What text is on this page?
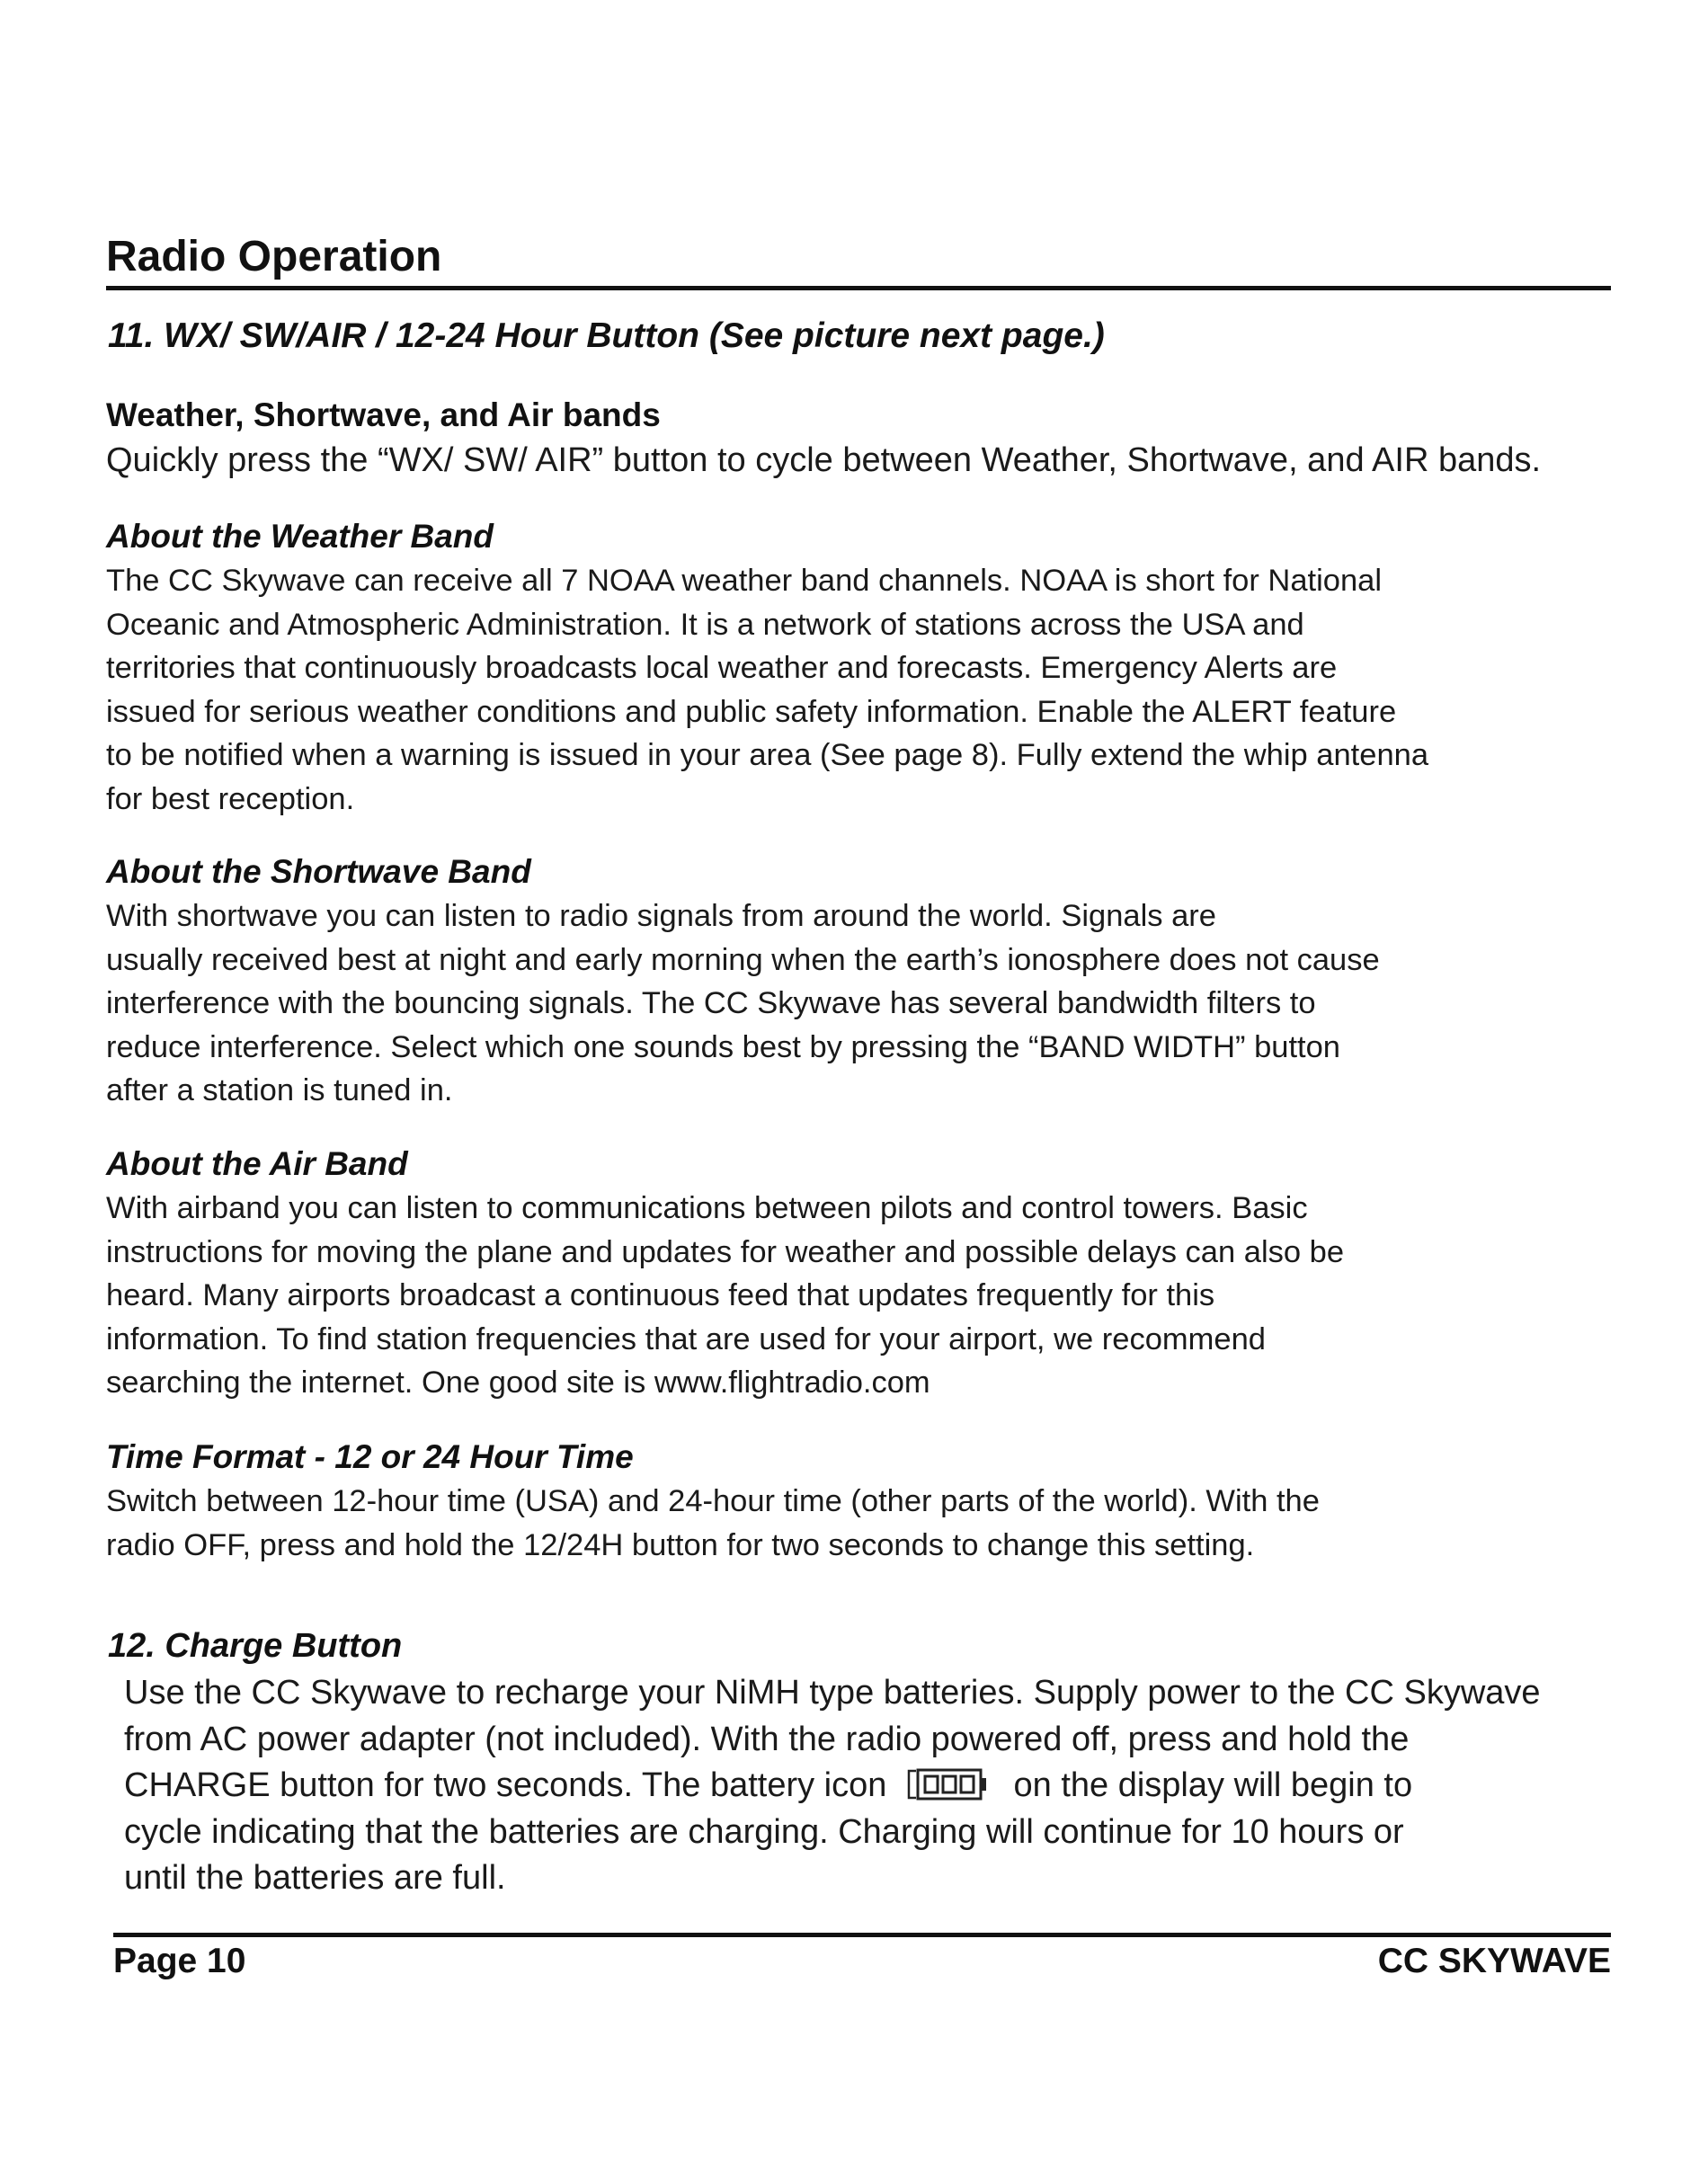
Radio Operation
11. WX/ SW/AIR / 12-24 Hour Button (See picture next page.)

Weather, Shortwave, and Air bands

Quickly press the “WX/ SW/ AIR” button to cycle between Weather, Shortwave, and AIR bands.

About the Weather Band

The CC Skywave can receive all 7 NOAA weather band channels. NOAA is short for National
Oceanic and Atmospheric Administration. It is a network of stations across the USA and
territories that continuously broadcasts local weather and forecasts. Emergency Alerts are
issued for serious weather conditions and public safety information. Enable the ALERT feature
to be notified when a warning is issued in your area (See page 8). Fully extend the whip antenna
for best reception.

About the Shortwave Band

With shortwave you can listen to radio signals from around the world. Signals are
usually received best at night and early morning when the earth’s ionosphere does not cause
interference with the bouncing signals. The CC Skywave has several bandwidth filters to
reduce interference. Select which one sounds best by pressing the “BAND WIDTH” button
after a station is tuned in.

About the Air Band

With airband you can listen to communications between pilots and control towers. Basic
instructions for moving the plane and updates for weather and possible delays can also be
heard. Many airports broadcast a continuous feed that updates frequently for this
information. To find station frequencies that are used for your airport, we recommend
searching the internet. One good site is www.flightradio.com

Time Format - 12 or 24 Hour Time

Switch between 12-hour time (USA) and 24-hour time (other parts of the world). With the
radio OFF, press and hold the 12/24H button for two seconds to change this setting.

12. Charge Button

Use the CC Skywave to recharge your NiMH type batteries. Supply power to the CC Skywave
from AC power adapter (not included). With the radio powered off, press and hold the
CHARGE button for two seconds. The battery icon	on the display will begin to
cycle indicating that the batteries are charging. Charging will continue for 10 hours or
until the batteries are full.

Page 10	CC SKYWAVE
